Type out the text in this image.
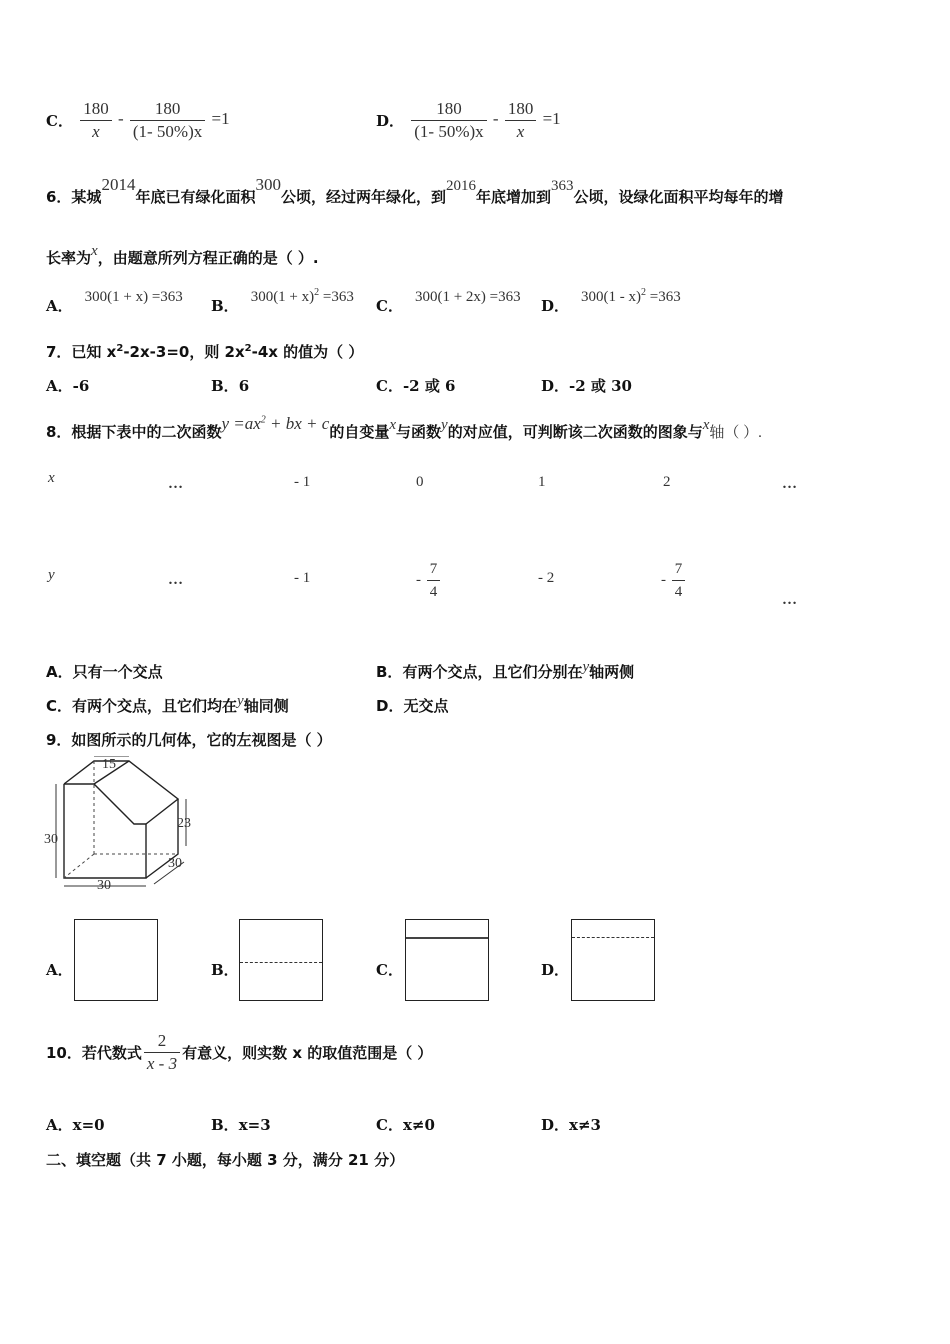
C． $\frac{180}{x} - \frac{180}{(1- 50\%)x} =1$	D． $\frac{180}{(1- 50\%)x} - \frac{180}{x} =1$
6．某城2014年底已有绿化面积300公顷，经过两年绿化，到2016年底增加到363公顷，设绿化面积平均每年的增
长率为x，由题意所列方程正确的是（ ）.
A． 300(1 + x) =363 B． $300(1 + x)^2 =363$ C． 300(1 + 2x) =363 D． 300(1 - x)$^2$ =363
7．已知 $x^2-2x-3=0$，则 $2x^2-4x$ 的值为（ ）
A．-6	B．6	C．-2 或 6	D．-2 或 30
8．根据下表中的二次函数$y =ax^2$ + bx + c的自变量x与函数y的对应值，可判断该二次函数的图象与x轴（ ）.
x	…	- 1	0	1	2	…
y	…	- 1	- $\frac{7}{4}$	- 2	- $\frac{7}{4}$	…
A．只有一个交点	B．有两个交点，且它们分别在y轴两侧
C．有两个交点，且它们均在y轴同侧	D．无交点
9．如图所示的几何体，它的左视图是（ ）
15
30
23
30
30
A．	B．	C．	D．
10．若代数式 $\frac{2}{x - 3}$ 有意义，则实数 x 的取值范围是（ ）
A．x=0	B．x=3	C．x≠0	D．x≠3
二、填空题（共 7 小题，每小题 3 分，满分 21 分）
